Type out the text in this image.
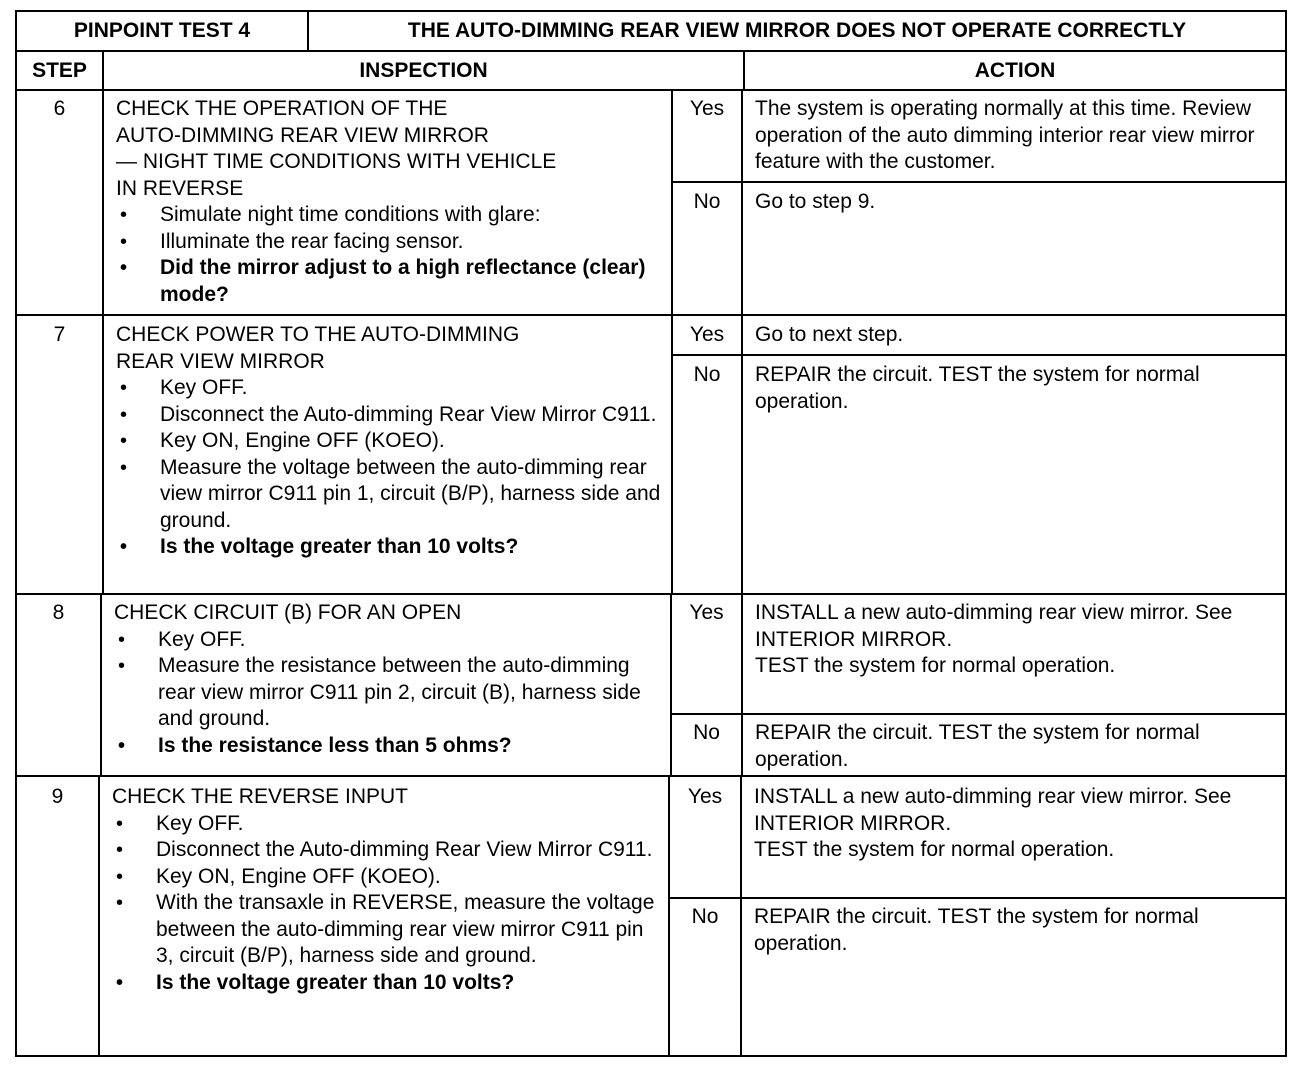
PINPOINT TEST 4	THE AUTO-DIMMING REAR VIEW MIRROR DOES NOT OPERATE CORRECTLY
STEP	INSPECTION	ACTION
6	CHECK THE OPERATION OF THE
AUTO-DIMMING REAR VIEW MIRROR
— NIGHT TIME CONDITIONS WITH VEHICLE
IN REVERSE
• Simulate night time conditions with glare:
• Illuminate the rear facing sensor.
• Did the mirror adjust to a high reflectance (clear) mode?
Yes	The system is operating normally at this time. Review operation of the auto dimming interior rear view mirror feature with the customer.
No	Go to step 9.
7	CHECK POWER TO THE AUTO-DIMMING
REAR VIEW MIRROR
• Key OFF.
• Disconnect the Auto-dimming Rear View Mirror C911.
• Key ON, Engine OFF (KOEO).
• Measure the voltage between the auto-dimming rear view mirror C911 pin 1, circuit (B/P), harness side and ground.
• Is the voltage greater than 10 volts?
Yes	Go to next step.
No	REPAIR the circuit. TEST the system for normal operation.
8	CHECK CIRCUIT (B) FOR AN OPEN
• Key OFF.
• Measure the resistance between the auto-dimming rear view mirror C911 pin 2, circuit (B), harness side and ground.
• Is the resistance less than 5 ohms?
Yes	INSTALL a new auto-dimming rear view mirror. See INTERIOR MIRROR.
TEST the system for normal operation.
No	REPAIR the circuit. TEST the system for normal operation.
9	CHECK THE REVERSE INPUT
• Key OFF.
• Disconnect the Auto-dimming Rear View Mirror C911.
• Key ON, Engine OFF (KOEO).
• With the transaxle in REVERSE, measure the voltage between the auto-dimming rear view mirror C911 pin 3, circuit (B/P), harness side and ground.
• Is the voltage greater than 10 volts?
Yes	INSTALL a new auto-dimming rear view mirror. See INTERIOR MIRROR.
TEST the system for normal operation.
No	REPAIR the circuit. TEST the system for normal operation.
